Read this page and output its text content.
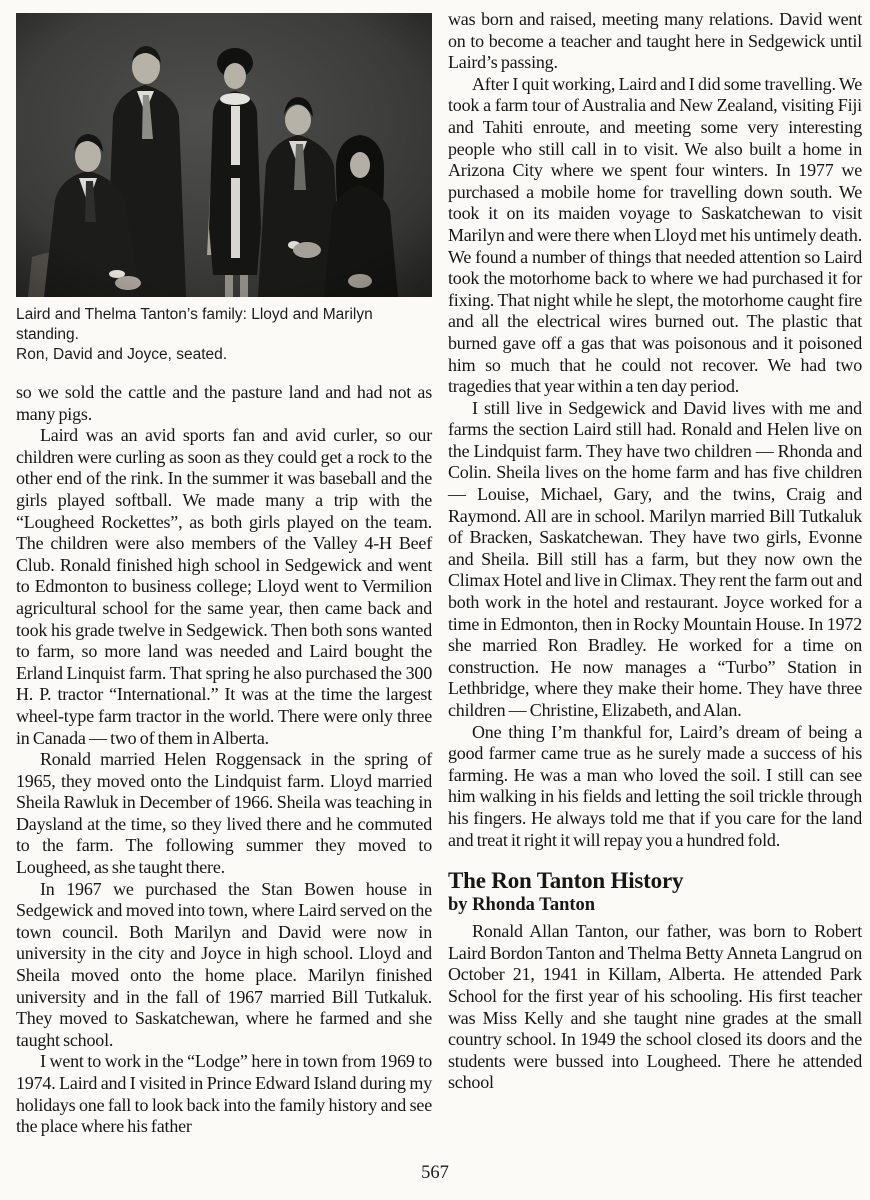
Laird and Thelma Tanton’s family: Lloyd and Marilyn standing.
Ron, David and Joyce, seated.

so we sold the cattle and the pasture land and had not as many pigs.

Laird was an avid sports fan and avid curler, so our children were curling as soon as they could get a rock to the other end of the rink. In the summer it was baseball and the girls played softball. We made many a trip with the “Lougheed Rockettes”, as both girls played on the team. The children were also members of the Valley 4-H Beef Club. Ronald finished high school in Sedgewick and went to Edmonton to business college; Lloyd went to Vermilion agricultural school for the same year, then came back and took his grade twelve in Sedgewick. Then both sons wanted to farm, so more land was needed and Laird bought the Erland Linquist farm. That spring he also purchased the 300 H. P. tractor “International.” It was at the time the largest wheel-type farm tractor in the world. There were only three in Canada — two of them in Alberta.

Ronald married Helen Roggensack in the spring of 1965, they moved onto the Lindquist farm. Lloyd married Sheila Rawluk in December of 1966. Sheila was teaching in Daysland at the time, so they lived there and he commuted to the farm. The following summer they moved to Lougheed, as she taught there.

In 1967 we purchased the Stan Bowen house in Sedgewick and moved into town, where Laird served on the town council. Both Marilyn and David were now in university in the city and Joyce in high school. Lloyd and Sheila moved onto the home place. Marilyn finished university and in the fall of 1967 married Bill Tutkaluk. They moved to Saskatchewan, where he farmed and she taught school.

I went to work in the “Lodge” here in town from 1969 to 1974. Laird and I visited in Prince Edward Island during my holidays one fall to look back into the family history and see the place where his father

was born and raised, meeting many relations. David went on to become a teacher and taught here in Sedgewick until Laird’s passing.

After I quit working, Laird and I did some travelling. We took a farm tour of Australia and New Zealand, visiting Fiji and Tahiti enroute, and meeting some very interesting people who still call in to visit. We also built a home in Arizona City where we spent four winters. In 1977 we purchased a mobile home for travelling down south. We took it on its maiden voyage to Saskatchewan to visit Marilyn and were there when Lloyd met his untimely death. We found a number of things that needed attention so Laird took the motorhome back to where we had purchased it for fixing. That night while he slept, the motorhome caught fire and all the electrical wires burned out. The plastic that burned gave off a gas that was poisonous and it poisoned him so much that he could not recover. We had two tragedies that year within a ten day period.

I still live in Sedgewick and David lives with me and farms the section Laird still had. Ronald and Helen live on the Lindquist farm. They have two children — Rhonda and Colin. Sheila lives on the home farm and has five children — Louise, Michael, Gary, and the twins, Craig and Raymond. All are in school. Marilyn married Bill Tutkaluk of Bracken, Saskatchewan. They have two girls, Evonne and Sheila. Bill still has a farm, but they now own the Climax Hotel and live in Climax. They rent the farm out and both work in the hotel and restaurant. Joyce worked for a time in Edmonton, then in Rocky Mountain House. In 1972 she married Ron Bradley. He worked for a time on construction. He now manages a “Turbo” Station in Lethbridge, where they make their home. They have three children — Christine, Elizabeth, and Alan.

One thing I’m thankful for, Laird’s dream of being a good farmer came true as he surely made a success of his farming. He was a man who loved the soil. I still can see him walking in his fields and letting the soil trickle through his fingers. He always told me that if you care for the land and treat it right it will repay you a hundred fold.

The Ron Tanton History
by Rhonda Tanton

Ronald Allan Tanton, our father, was born to Robert Laird Bordon Tanton and Thelma Betty Anneta Langrud on October 21, 1941 in Killam, Alberta. He attended Park School for the first year of his schooling. His first teacher was Miss Kelly and she taught nine grades at the small country school. In 1949 the school closed its doors and the students were bussed into Lougheed. There he attended school

567
